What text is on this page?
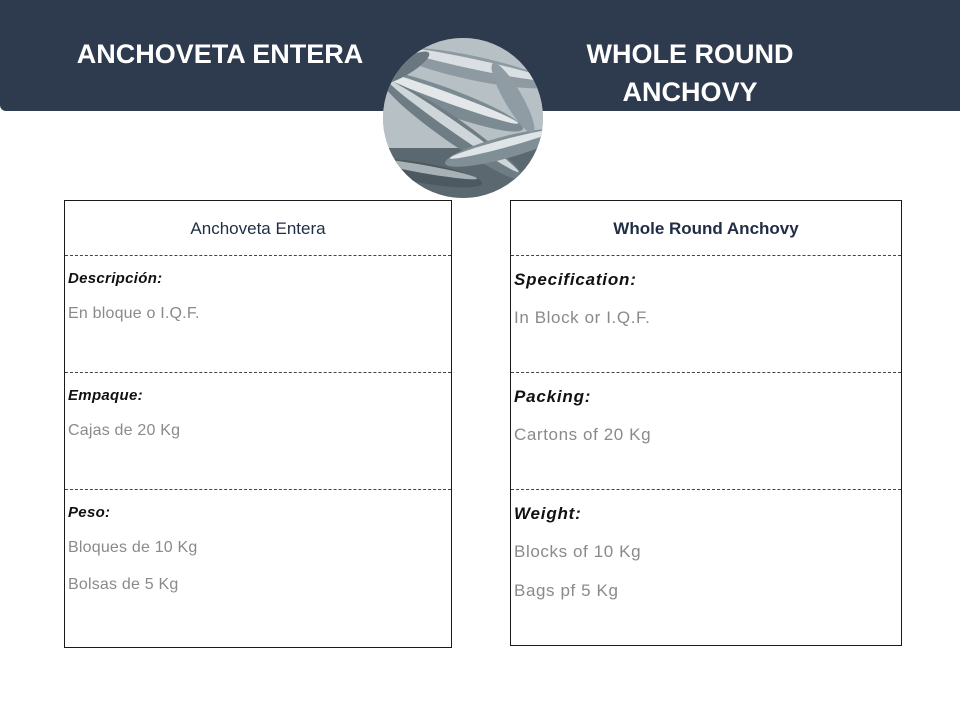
ANCHOVETA ENTERA	WHOLE ROUND
ANCHOVY
Anchoveta Entera
Descripción:
En bloque o I.Q.F.
Empaque:
Cajas de 20 Kg
Peso:
Bloques de 10 Kg
Bolsas de 5 Kg
Whole Round Anchovy
Specification:
In Block or I.Q.F.
Packing:
Cartons of 20 Kg
Weight:
Blocks of 10 Kg
Bags pf 5 Kg
